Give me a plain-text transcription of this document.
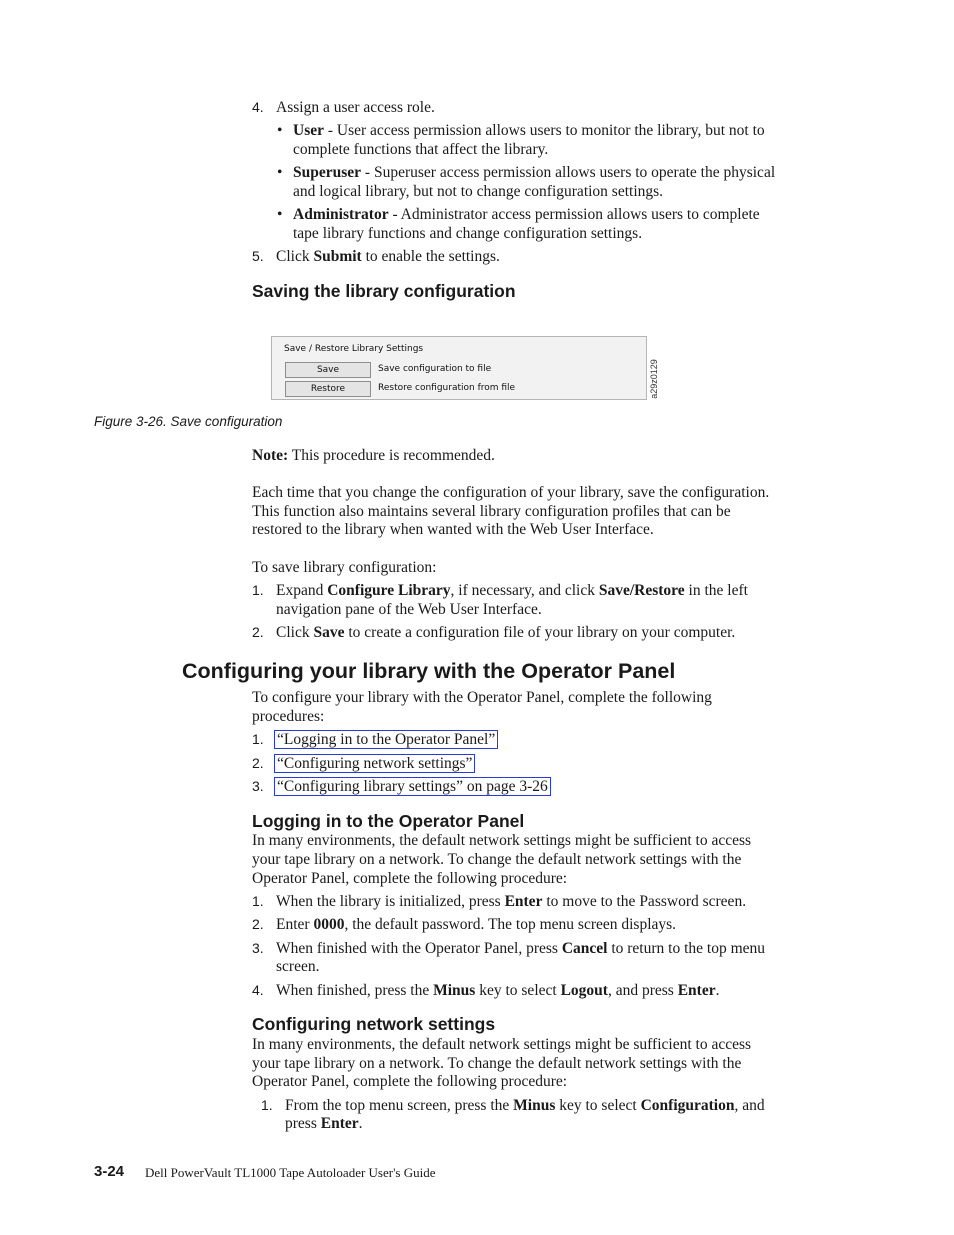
4. Assign a user access role.
• User - User access permission allows users to monitor the library, but not to
complete functions that affect the library.
• Superuser - Superuser access permission allows users to operate the physical
and logical library, but not to change configuration settings.
• Administrator - Administrator access permission allows users to complete
tape library functions and change configuration settings.
5. Click Submit to enable the settings.
Saving the library configuration
Save / Restore Library Settings
Save	Save configuration to file
Restore	Restore configuration from file	a29z0129
Figure 3-26. Save configuration
Note: This procedure is recommended.
Each time that you change the configuration of your library, save the configuration.
This function also maintains several library configuration profiles that can be
restored to the library when wanted with the Web User Interface.
To save library configuration:
1. Expand Configure Library, if necessary, and click Save/Restore in the left
navigation pane of the Web User Interface.
2. Click Save to create a configuration file of your library on your computer.
Configuring your library with the Operator Panel
To configure your library with the Operator Panel, complete the following
procedures:
1. “Logging in to the Operator Panel”
2. “Configuring network settings”
3. “Configuring library settings” on page 3-26
Logging in to the Operator Panel
In many environments, the default network settings might be sufficient to access
your tape library on a network. To change the default network settings with the
Operator Panel, complete the following procedure:
1. When the library is initialized, press Enter to move to the Password screen.
2. Enter 0000, the default password. The top menu screen displays.
3. When finished with the Operator Panel, press Cancel to return to the top menu
screen.
4. When finished, press the Minus key to select Logout, and press Enter.
Configuring network settings
In many environments, the default network settings might be sufficient to access
your tape library on a network. To change the default network settings with the
Operator Panel, complete the following procedure:
1. From the top menu screen, press the Minus key to select Configuration, and
press Enter.
3-24 Dell PowerVault TL1000 Tape Autoloader User's Guide
